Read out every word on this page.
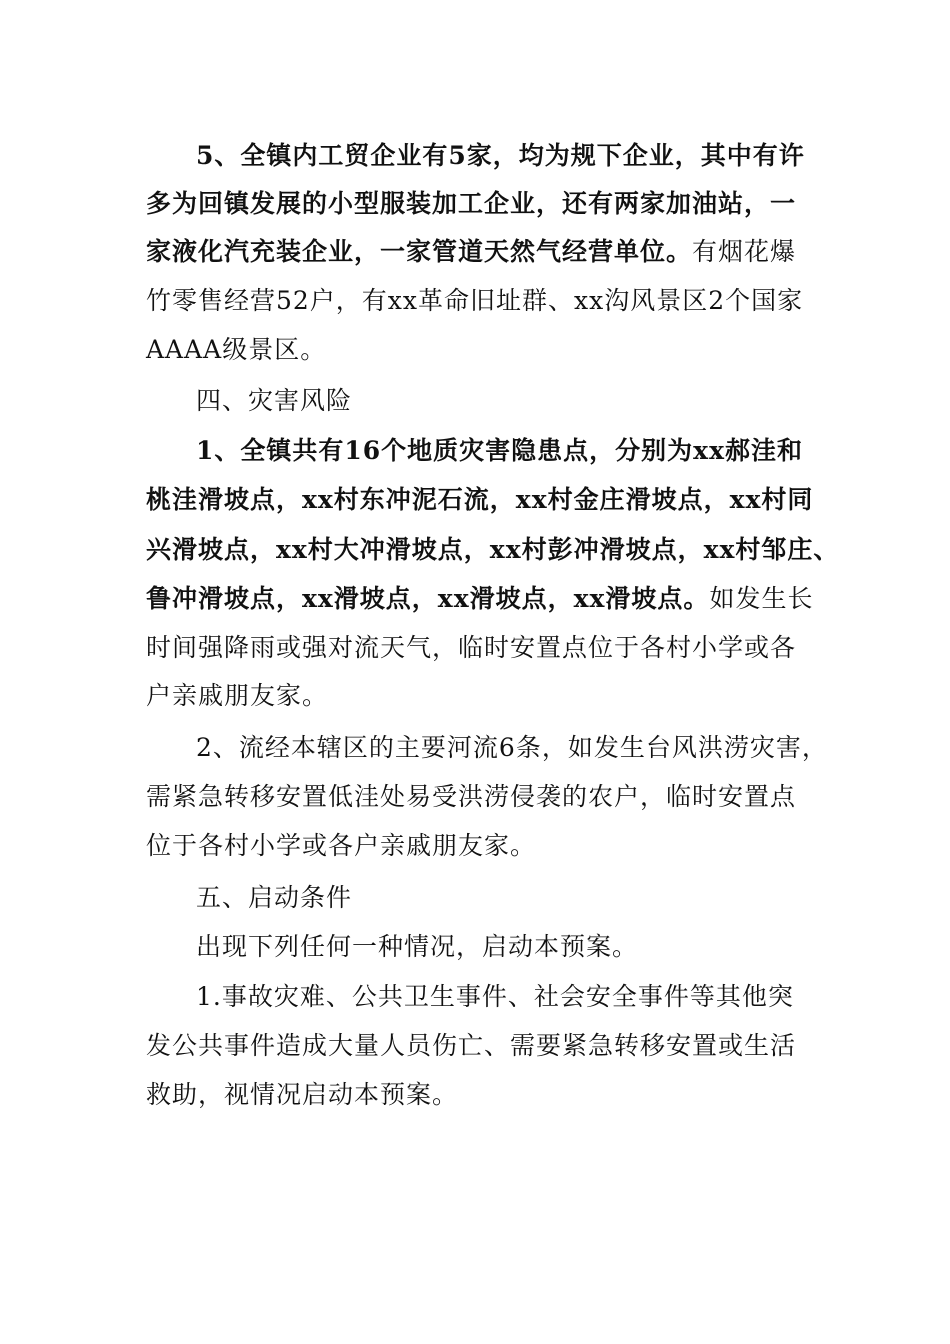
5、全镇内工贸企业有5家，均为规下企业，其中有许
多为回镇发展的小型服装加工企业，还有两家加油站，一
家液化汽充装企业，一家管道天然气经营单位。有烟花爆
竹零售经营52户，有xx革命旧址群、xx沟风景区2个国家
AAAA级景区。
四、灾害风险
1、全镇共有16个地质灾害隐患点，分别为xx郝洼和
桃洼滑坡点，xx村东冲泥石流，xx村金庄滑坡点，xx村同
兴滑坡点，xx村大冲滑坡点，xx村彭冲滑坡点，xx村邹庄、
鲁冲滑坡点，xx滑坡点，xx滑坡点，xx滑坡点。如发生长
时间强降雨或强对流天气，临时安置点位于各村小学或各
户亲戚朋友家。
2、流经本辖区的主要河流6条，如发生台风洪涝灾害，
需紧急转移安置低洼处易受洪涝侵袭的农户，临时安置点
位于各村小学或各户亲戚朋友家。
五、启动条件
出现下列任何一种情况，启动本预案。
1.事故灾难、公共卫生事件、社会安全事件等其他突
发公共事件造成大量人员伤亡、需要紧急转移安置或生活
救助，视情况启动本预案。
